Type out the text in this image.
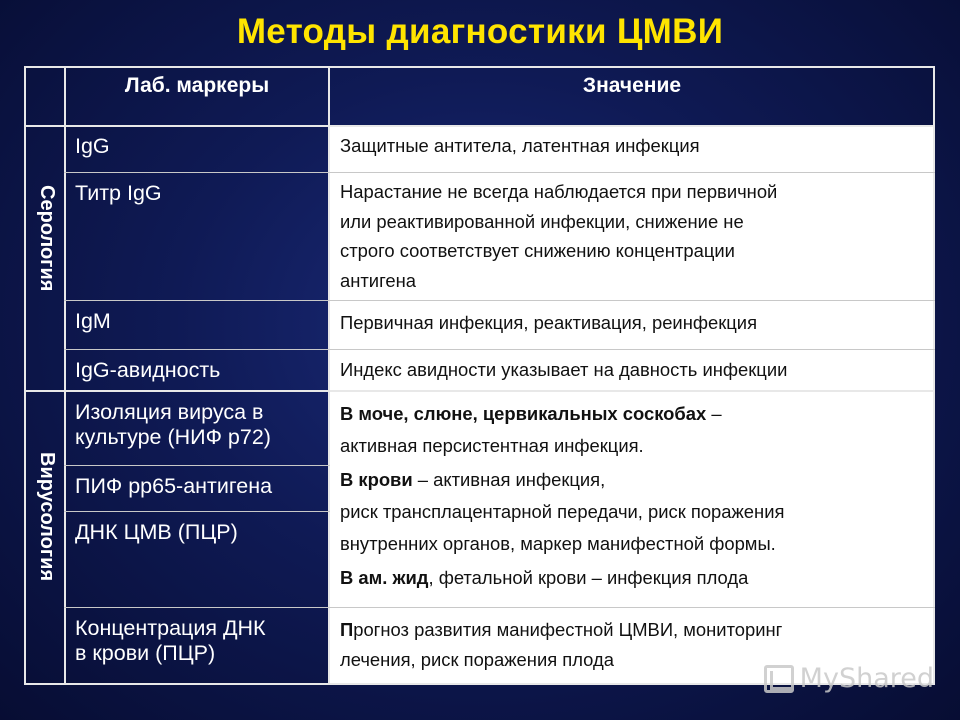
Методы диагностики ЦМВИ
Лаб. маркеры	Значение
Серология
Вирусология
IgG
Титр IgG
IgM
IgG-авидность
Изоляция вируса в
культуре (НИФ р72)
ПИФ рр65-антигена
ДНК ЦМВ (ПЦР)
Концентрация ДНК
в крови (ПЦР)
Защитные антитела, латентная инфекция
Нарастание не всегда наблюдается при первичной
или реактивированной инфекции, снижение не
строго соответствует снижению концентрации
антигена
Первичная инфекция, реактивация, реинфекция
Индекс авидности указывает на давность инфекции
В моче, слюне, цервикальных соскобах –
активная персистентная инфекция.
В крови – активная инфекция,
риск трансплацентарной передачи, риск поражения
внутренних органов, маркер манифестной формы.
В ам. жид, фетальной крови – инфекция плода
Прогноз развития манифестной ЦМВИ, мониторинг
лечения, риск поражения плода
MyShared
